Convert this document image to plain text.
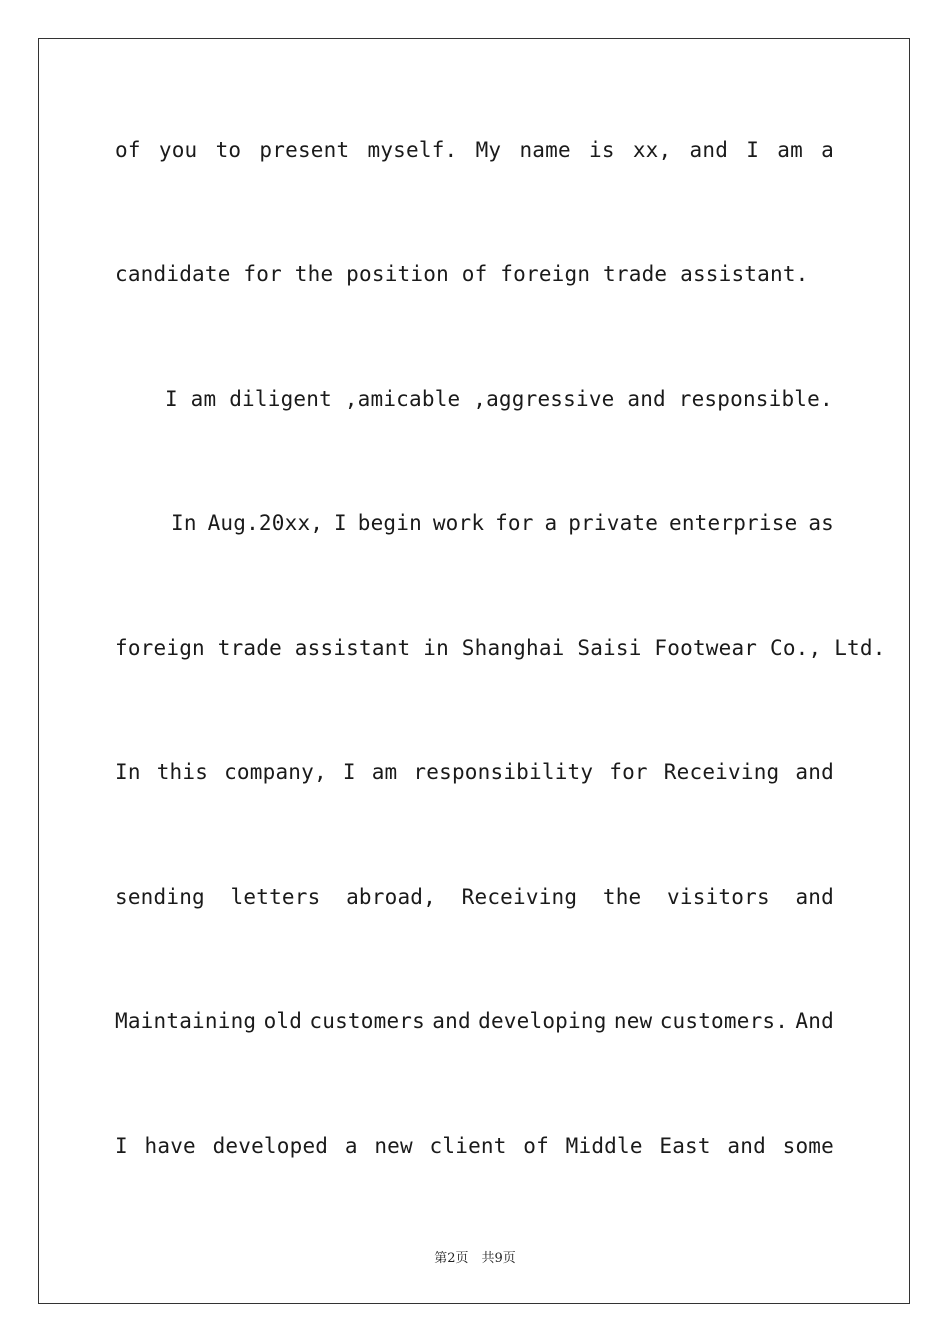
of you to present myself. My name is xx, and I am a
candidate for the position of foreign trade assistant.
I am diligent ,amicable ,aggressive and responsible.
In Aug.20xx, I begin work for a private enterprise as
foreign trade assistant in Shanghai Saisi Footwear Co., Ltd.
In this company, I am responsibility for Receiving and
sending letters abroad, Receiving the visitors and
Maintaining old customers and developing new customers. And
I have developed a new client of Middle East and some
第2页　共9页
